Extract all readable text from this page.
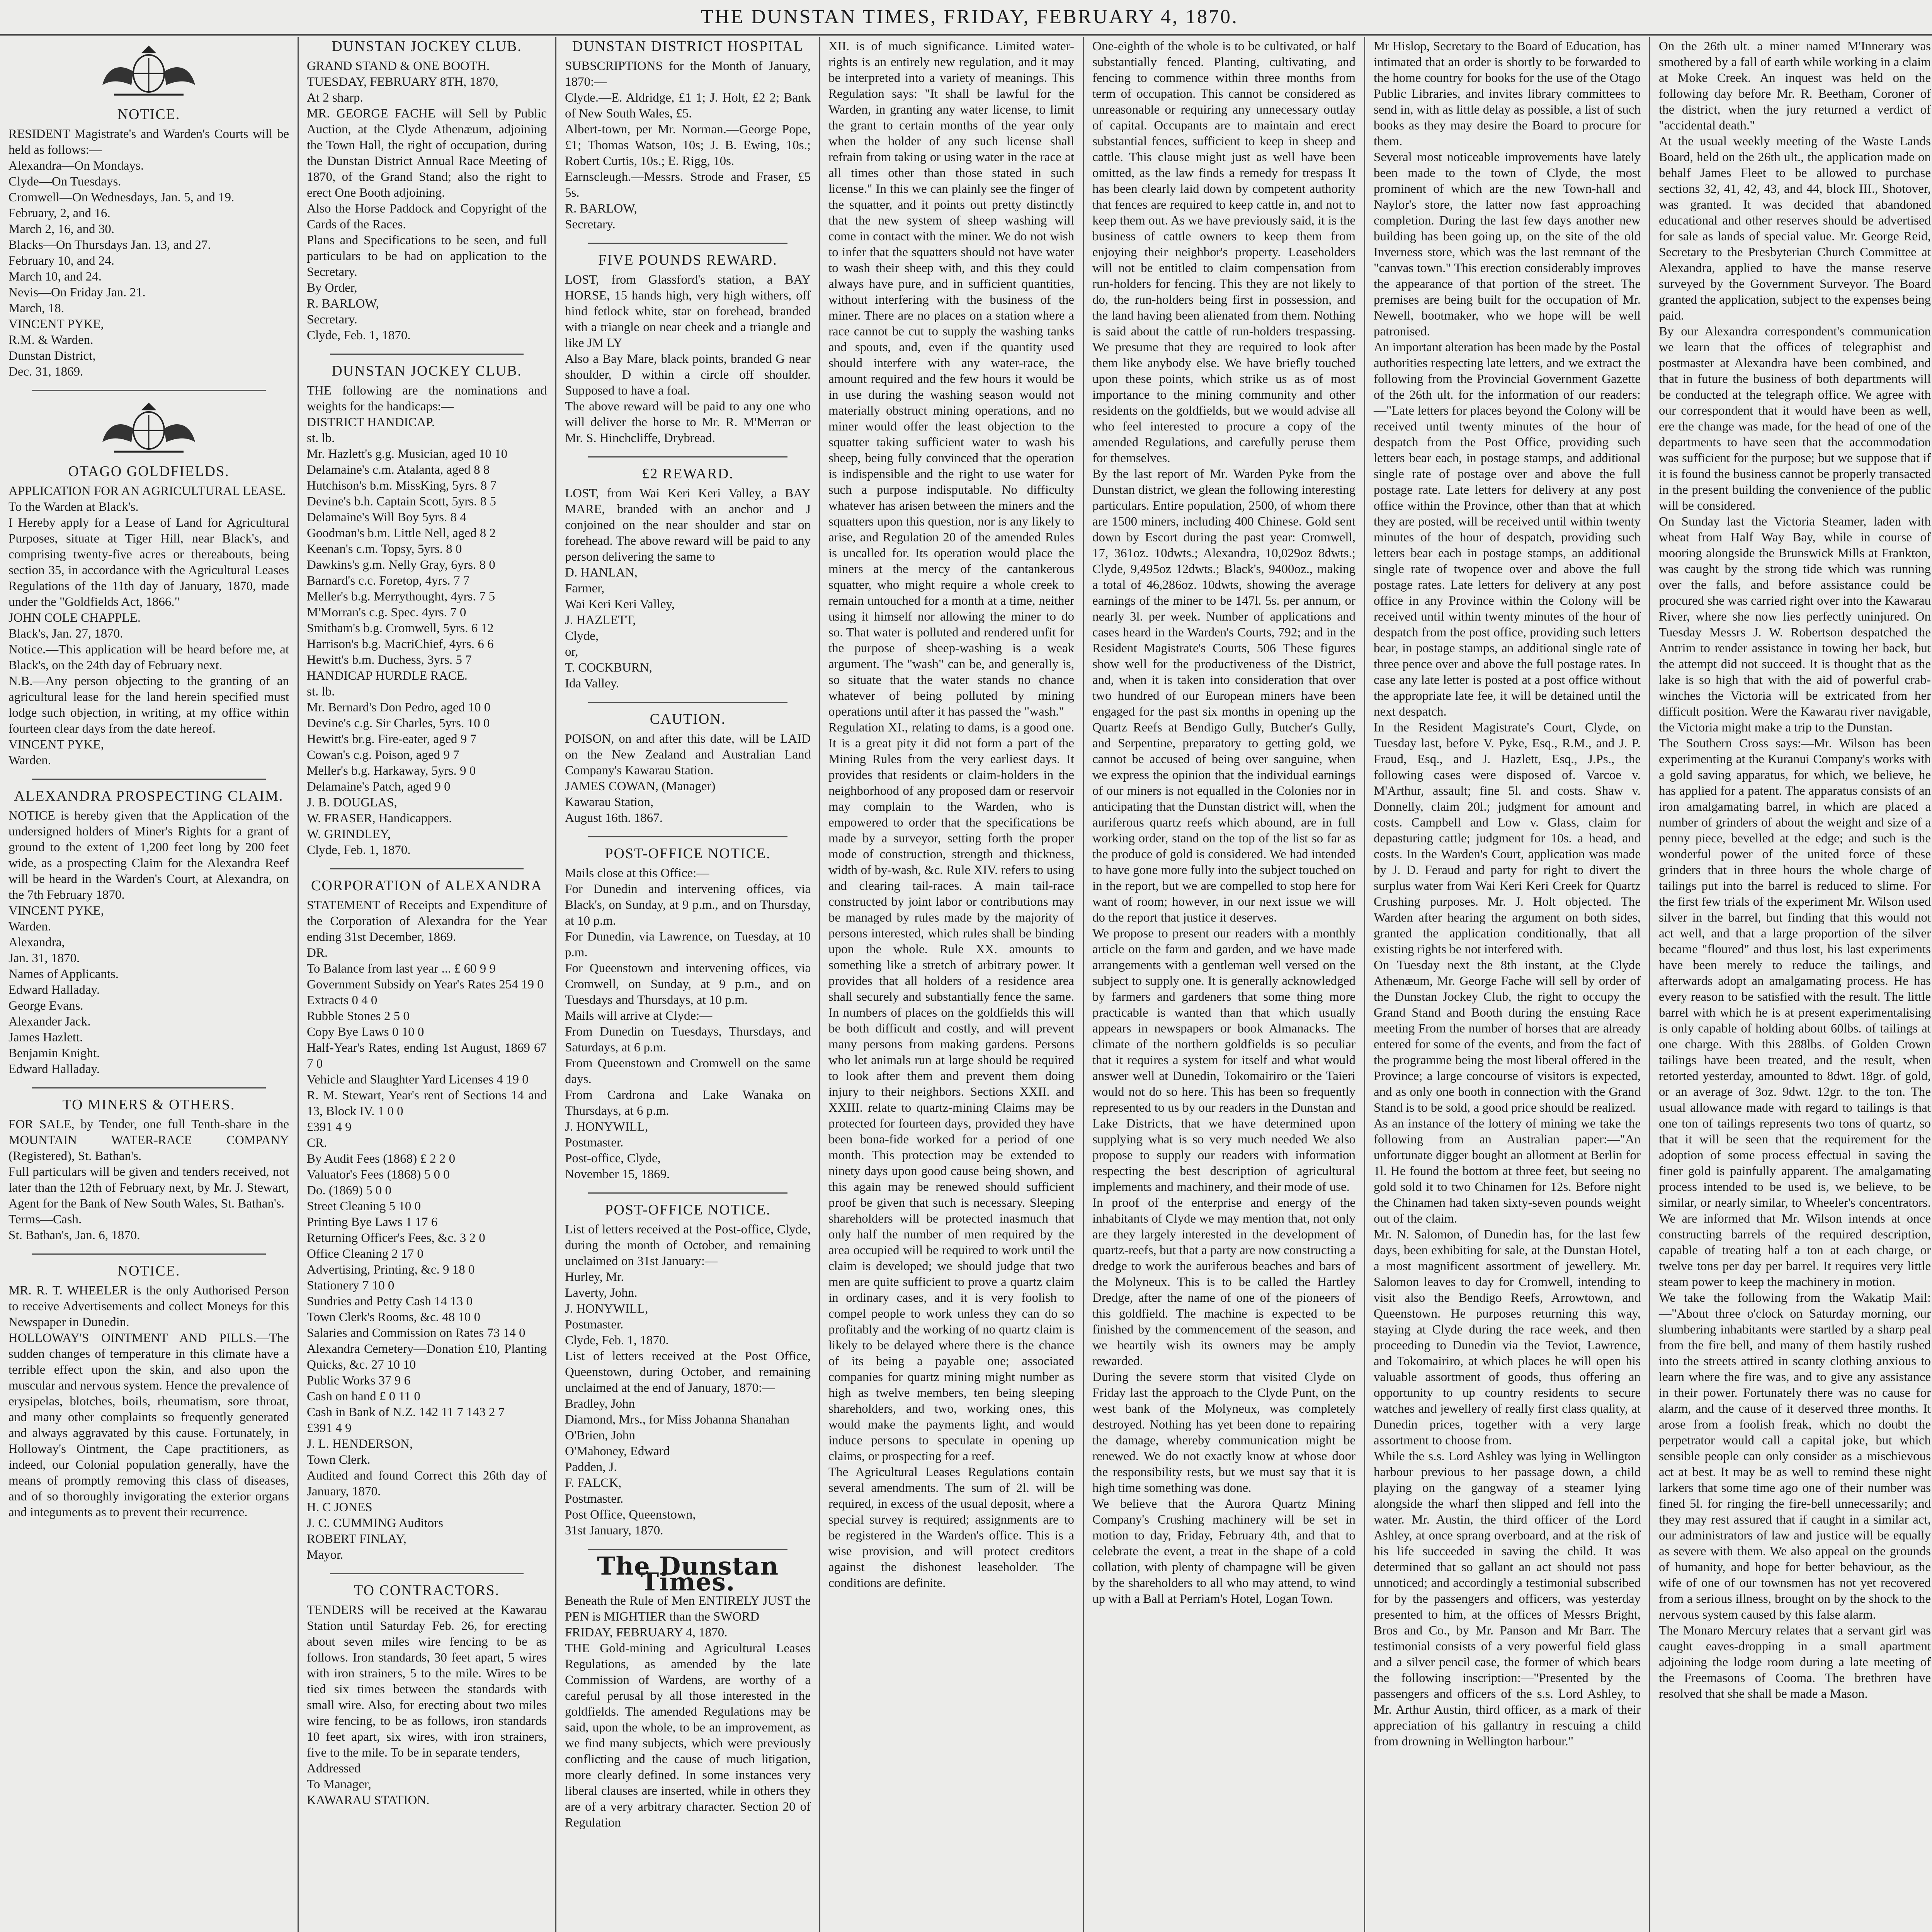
THE DUNSTAN TIMES, FRIDAY, FEBRUARY 4, 1870.
NOTICE.

RESIDENT Magistrate's and Warden's Courts will be held as follows:—
Alexandra—On Mondays.
Clyde—On Tuesdays.
Cromwell—On Wednesdays, Jan. 5, and 19.
February, 2, and 16.
March 2, 16, and 30.
Blacks—On Thursdays Jan. 13, and 27.
February 10, and 24.
March 10, and 24.
Nevis—On Friday Jan. 21.
March, 18.
VINCENT PYKE,
R.M. & Warden.
Dunstan District,
Dec. 31, 1869.

OTAGO GOLDFIELDS.

APPLICATION FOR AN AGRICULTURAL LEASE.
To the Warden at Black's.
I Hereby apply for a Lease of Land for Agricultural Purposes, situate at Tiger Hill, near Black's, and comprising twenty-five acres or thereabouts, being section 35, in accordance with the Agricultural Leases Regulations of the 11th day of January, 1870, made under the "Goldfields Act, 1866."
JOHN COLE CHAPPLE.
Black's, Jan. 27, 1870.
Notice.—This application will be heard before me, at Black's, on the 24th day of February next.
N.B.—Any person objecting to the granting of an agricultural lease for the land herein specified must lodge such objection, in writing, at my office within fourteen clear days from the date hereof.
VINCENT PYKE,
Warden.

ALEXANDRA PROSPECTING CLAIM.

NOTICE is hereby given that the Application of the undersigned holders of Miner's Rights for a grant of ground to the extent of 1,200 feet long by 200 feet wide, as a prospecting Claim for the Alexandra Reef will be heard in the Warden's Court, at Alexandra, on the 7th February 1870.
VINCENT PYKE,
Warden.
Alexandra,
Jan. 31, 1870.
Names of Applicants.
Edward Halladay.
George Evans.
Alexander Jack.
James Hazlett.
Benjamin Knight.
Edward Halladay.

TO MINERS & OTHERS.

FOR SALE, by Tender, one full Tenth-share in the MOUNTAIN WATER-RACE COMPANY (Registered), St. Bathan's.
Full particulars will be given and tenders received, not later than the 12th of February next, by Mr. J. Stewart, Agent for the Bank of New South Wales, St. Bathan's.
Terms—Cash.
St. Bathan's, Jan. 6, 1870.

NOTICE.

MR. R. T. WHEELER is the only Authorised Person to receive Advertisements and collect Moneys for this Newspaper in Dunedin.
HOLLOWAY'S OINTMENT AND PILLS.—The sudden changes of temperature in this climate have a terrible effect upon the skin, and also upon the muscular and nervous system. Hence the prevalence of erysipelas, blotches, boils, rheumatism, sore throat, and many other complaints so frequently generated and always aggravated by this cause. Fortunately, in Holloway's Ointment, the Cape practitioners, as indeed, our Colonial population generally, have the means of promptly removing this class of diseases, and of so thoroughly invigorating the exterior organs and integuments as to prevent their recurrence.

DUNSTAN JOCKEY CLUB.

GRAND STAND & ONE BOOTH.
TUESDAY, FEBRUARY 8TH, 1870,
At 2 sharp.
MR. GEORGE FACHE will Sell by Public Auction, at the Clyde Athenæum, adjoining the Town Hall, the right of occupation, during the Dunstan District Annual Race Meeting of 1870, of the Grand Stand; also the right to erect One Booth adjoining.
Also the Horse Paddock and Copyright of the Cards of the Races.
Plans and Specifications to be seen, and full particulars to be had on application to the Secretary.
By Order,
R. BARLOW,
Secretary.
Clyde, Feb. 1, 1870.

DUNSTAN JOCKEY CLUB.

THE following are the nominations and weights for the handicaps:—
DISTRICT HANDICAP.
st. lb.
Mr. Hazlett's g.g. Musician, aged 10 10
Delamaine's c.m. Atalanta, aged 8 8
Hutchison's b.m. MissKing, 5yrs. 8 7
Devine's b.h. Captain Scott, 5yrs. 8 5
Delamaine's Will Boy 5yrs. 8 4
Goodman's b.m. Little Nell, aged 8 2
Keenan's c.m. Topsy, 5yrs. 8 0
Dawkins's g.m. Nelly Gray, 6yrs. 8 0
Barnard's c.c. Foretop, 4yrs. 7 7
Meller's b.g. Merrythought, 4yrs. 7 5
M'Morran's c.g. Spec. 4yrs. 7 0
Smitham's b.g. Cromwell, 5yrs. 6 12
Harrison's b.g. MacriChief, 4yrs. 6 6
Hewitt's b.m. Duchess, 3yrs. 5 7
HANDICAP HURDLE RACE.
st. lb.
Mr. Bernard's Don Pedro, aged 10 0
Devine's c.g. Sir Charles, 5yrs. 10 0
Hewitt's br.g. Fire-eater, aged 9 7
Cowan's c.g. Poison, aged 9 7
Meller's b.g. Harkaway, 5yrs. 9 0
Delamaine's Patch, aged 9 0
J. B. DOUGLAS,
W. FRASER, Handicappers.
W. GRINDLEY,
Clyde, Feb. 1, 1870.

CORPORATION of ALEXANDRA

STATEMENT of Receipts and Expenditure of the Corporation of Alexandra for the Year ending 31st December, 1869.
DR.
To Balance from last year ... £ 60 9 9
Government Subsidy on Year's Rates 254 19 0
Extracts 0 4 0
Rubble Stones 2 5 0
Copy Bye Laws 0 10 0
Half-Year's Rates, ending 1st August, 1869 67 7 0
Vehicle and Slaughter Yard Licenses 4 19 0
R. M. Stewart, Year's rent of Sections 14 and 13, Block IV. 1 0 0
£391 4 9
CR.
By Audit Fees (1868) £ 2 2 0
Valuator's Fees (1868) 5 0 0
Do. (1869) 5 0 0
Street Cleaning 5 10 0
Printing Bye Laws 1 17 6
Returning Officer's Fees, &c. 3 2 0
Office Cleaning 2 17 0
Advertising, Printing, &c. 9 18 0
Stationery 7 10 0
Sundries and Petty Cash 14 13 0
Town Clerk's Rooms, &c. 48 10 0
Salaries and Commission on Rates 73 14 0
Alexandra Cemetery—Donation £10, Planting Quicks, &c. 27 10 10
Public Works 37 9 6
Cash on hand £ 0 11 0
Cash in Bank of N.Z. 142 11 7 143 2 7
£391 4 9
J. L. HENDERSON,
Town Clerk.
Audited and found Correct this 26th day of January, 1870.
H. C JONES
J. C. CUMMING Auditors
ROBERT FINLAY,
Mayor.

TO CONTRACTORS.

TENDERS will be received at the Kawarau Station until Saturday Feb. 26, for erecting about seven miles wire fencing to be as follows. Iron standards, 30 feet apart, 5 wires with iron strainers, 5 to the mile. Wires to be tied six times between the standards with small wire. Also, for erecting about two miles wire fencing, to be as follows, iron standards 10 feet apart, six wires, with iron strainers, five to the mile. To be in separate tenders,
Addressed
To Manager,
KAWARAU STATION.

DUNSTAN DISTRICT HOSPITAL

SUBSCRIPTIONS for the Month of January, 1870:—
Clyde.—E. Aldridge, £1 1; J. Holt, £2 2; Bank of New South Wales, £5.
Albert-town, per Mr. Norman.—George Pope, £1; Thomas Watson, 10s; J. B. Ewing, 10s.; Robert Curtis, 10s.; E. Rigg, 10s.
Earnscleugh.—Messrs. Strode and Fraser, £5 5s.
R. BARLOW,
Secretary.

FIVE POUNDS REWARD.

LOST, from Glassford's station, a BAY HORSE, 15 hands high, very high withers, off hind fetlock white, star on forehead, branded with a triangle on near cheek and a triangle and like JM LY
Also a Bay Mare, black points, branded G near shoulder, D within a circle off shoulder. Supposed to have a foal.
The above reward will be paid to any one who will deliver the horse to Mr. R. M'Merran or Mr. S. Hinchcliffe, Drybread.

£2 REWARD.

LOST, from Wai Keri Keri Valley, a BAY MARE, branded with an anchor and J conjoined on the near shoulder and star on forehead. The above reward will be paid to any person delivering the same to
D. HANLAN,
Farmer,
Wai Keri Keri Valley,
J. HAZLETT,
Clyde,
or,
T. COCKBURN,
Ida Valley.

CAUTION.

POISON, on and after this date, will be LAID on the New Zealand and Australian Land Company's Kawarau Station.
JAMES COWAN, (Manager)
Kawarau Station,
August 16th. 1867.

POST-OFFICE NOTICE.

Mails close at this Office:—
For Dunedin and intervening offices, via Black's, on Sunday, at 9 p.m., and on Thursday, at 10 p.m.
For Dunedin, via Lawrence, on Tuesday, at 10 p.m.
For Queenstown and intervening offices, via Cromwell, on Sunday, at 9 p.m., and on Tuesdays and Thursdays, at 10 p.m.
Mails will arrive at Clyde:—
From Dunedin on Tuesdays, Thursdays, and Saturdays, at 6 p.m.
From Queenstown and Cromwell on the same days.
From Cardrona and Lake Wanaka on Thursdays, at 6 p.m.
J. HONYWILL,
Postmaster.
Post-office, Clyde,
November 15, 1869.

POST-OFFICE NOTICE.

List of letters received at the Post-office, Clyde, during the month of October, and remaining unclaimed on 31st January:—
Hurley, Mr.
Laverty, John.
J. HONYWILL,
Postmaster.
Clyde, Feb. 1, 1870.
List of letters received at the Post Office, Queenstown, during October, and remaining unclaimed at the end of January, 1870:—
Bradley, John
Diamond, Mrs., for Miss Johanna Shanahan
O'Brien, John
O'Mahoney, Edward
Padden, J.
F. FALCK,
Postmaster.
Post Office, Queenstown,
31st January, 1870.

The Dunstan Times.

Beneath the Rule of Men ENTIRELY JUST the PEN is MIGHTIER than the SWORD
FRIDAY, FEBRUARY 4, 1870.
THE Gold-mining and Agricultural Leases Regulations, as amended by the late Commission of Wardens, are worthy of a careful perusal by all those interested in the goldfields. The amended Regulations may be said, upon the whole, to be an improvement, as we find many subjects, which were previously conflicting and the cause of much litigation, more clearly defined. In some instances very liberal clauses are inserted, while in others they are of a very arbitrary character. Section 20 of Regulation

XII. is of much significance. Limited water-rights is an entirely new regulation, and it may be interpreted into a variety of meanings. This Regulation says: "It shall be lawful for the Warden, in granting any water license, to limit the grant to certain months of the year only when the holder of any such license shall refrain from taking or using water in the race at all times other than those stated in such license." In this we can plainly see the finger of the squatter, and it points out pretty distinctly that the new system of sheep washing will come in contact with the miner. We do not wish to infer that the squatters should not have water to wash their sheep with, and this they could always have pure, and in sufficient quantities, without interfering with the business of the miner. There are no places on a station where a race cannot be cut to supply the washing tanks and spouts, and, even if the quantity used should interfere with any water-race, the amount required and the few hours it would be in use during the washing season would not materially obstruct mining operations, and no miner would offer the least objection to the squatter taking sufficient water to wash his sheep, being fully convinced that the operation is indispensible and the right to use water for such a purpose indisputable. No difficulty whatever has arisen between the miners and the squatters upon this question, nor is any likely to arise, and Regulation 20 of the amended Rules is uncalled for. Its operation would place the miners at the mercy of the cantankerous squatter, who might require a whole creek to remain untouched for a month at a time, neither using it himself nor allowing the miner to do so. That water is polluted and rendered unfit for the purpose of sheep-washing is a weak argument. The "wash" can be, and generally is, so situate that the water stands no chance whatever of being polluted by mining operations until after it has passed the "wash."
Regulation XI., relating to dams, is a good one. It is a great pity it did not form a part of the Mining Rules from the very earliest days. It provides that residents or claim-holders in the neighborhood of any proposed dam or reservoir may complain to the Warden, who is empowered to order that the specifications be made by a surveyor, setting forth the proper mode of construction, strength and thickness, width of by-wash, &c. Rule XIV. refers to using and clearing tail-races. A main tail-race constructed by joint labor or contributions may be managed by rules made by the majority of persons interested, which rules shall be binding upon the whole. Rule XX. amounts to something like a stretch of arbitrary power. It provides that all holders of a residence area shall securely and substantially fence the same. In numbers of places on the goldfields this will be both difficult and costly, and will prevent many persons from making gardens. Persons who let animals run at large should be required to look after them and prevent them doing injury to their neighbors. Sections XXII. and XXIII. relate to quartz-mining Claims may be protected for fourteen days, provided they have been bona-fide worked for a period of one month. This protection may be extended to ninety days upon good cause being shown, and this again may be renewed should sufficient proof be given that such is necessary. Sleeping shareholders will be protected inasmuch that only half the number of men required by the area occupied will be required to work until the claim is developed; we should judge that two men are quite sufficient to prove a quartz claim in ordinary cases, and it is very foolish to compel people to work unless they can do so profitably and the working of no quartz claim is likely to be delayed where there is the chance of its being a payable one; associated companies for quartz mining might number as high as twelve members, ten being sleeping shareholders, and two, working ones, this would make the payments light, and would induce persons to speculate in opening up claims, or prospecting for a reef.
The Agricultural Leases Regulations contain several amendments. The sum of 2l. will be required, in excess of the usual deposit, where a special survey is required; assignments are to be registered in the Warden's office. This is a wise provision, and will protect creditors against the dishonest leaseholder. The conditions are definite.

One-eighth of the whole is to be cultivated, or half substantially fenced. Planting, cultivating, and fencing to commence within three months from term of occupation. This cannot be considered as unreasonable or requiring any unnecessary outlay of capital. Occupants are to maintain and erect substantial fences, sufficient to keep in sheep and cattle. This clause might just as well have been omitted, as the law finds a remedy for trespass It has been clearly laid down by competent authority that fences are required to keep cattle in, and not to keep them out. As we have previously said, it is the business of cattle owners to keep them from enjoying their neighbor's property. Leaseholders will not be entitled to claim compensation from run-holders for fencing. This they are not likely to do, the run-holders being first in possession, and the land having been alienated from them. Nothing is said about the cattle of run-holders trespassing. We presume that they are required to look after them like anybody else. We have briefly touched upon these points, which strike us as of most importance to the mining community and other residents on the goldfields, but we would advise all who feel interested to procure a copy of the amended Regulations, and carefully peruse them for themselves.
By the last report of Mr. Warden Pyke from the Dunstan district, we glean the following interesting particulars. Entire population, 2500, of whom there are 1500 miners, including 400 Chinese. Gold sent down by Escort during the past year: Cromwell, 17, 361oz. 10dwts.; Alexandra, 10,029oz 8dwts.; Clyde, 9,495oz 12dwts.; Black's, 9400oz., making a total of 46,286oz. 10dwts, showing the average earnings of the miner to be 147l. 5s. per annum, or nearly 3l. per week. Number of applications and cases heard in the Warden's Courts, 792; and in the Resident Magistrate's Courts, 506 These figures show well for the productiveness of the District, and, when it is taken into consideration that over two hundred of our European miners have been engaged for the past six months in opening up the Quartz Reefs at Bendigo Gully, Butcher's Gully, and Serpentine, preparatory to getting gold, we cannot be accused of being over sanguine, when we express the opinion that the individual earnings of our miners is not equalled in the Colonies nor in anticipating that the Dunstan district will, when the auriferous quartz reefs which abound, are in full working order, stand on the top of the list so far as the produce of gold is considered. We had intended to have gone more fully into the subject touched on in the report, but we are compelled to stop here for want of room; however, in our next issue we will do the report that justice it deserves.
We propose to present our readers with a monthly article on the farm and garden, and we have made arrangements with a gentleman well versed on the subject to supply one. It is generally acknowledged by farmers and gardeners that some thing more practicable is wanted than that which usually appears in newspapers or book Almanacks. The climate of the northern goldfields is so peculiar that it requires a system for itself and what would answer well at Dunedin, Tokomairiro or the Taieri would not do so here. This has been so frequently represented to us by our readers in the Dunstan and Lake Districts, that we have determined upon supplying what is so very much needed We also propose to supply our readers with information respecting the best description of agricultural implements and machinery, and their mode of use.
In proof of the enterprise and energy of the inhabitants of Clyde we may mention that, not only are they largely interested in the development of quartz-reefs, but that a party are now constructing a dredge to work the auriferous beaches and bars of the Molyneux. This is to be called the Hartley Dredge, after the name of one of the pioneers of this goldfield. The machine is expected to be finished by the commencement of the season, and we heartily wish its owners may be amply rewarded.
During the severe storm that visited Clyde on Friday last the approach to the Clyde Punt, on the west bank of the Molyneux, was completely destroyed. Nothing has yet been done to repairing the damage, whereby communication might be renewed. We do not exactly know at whose door the responsibility rests, but we must say that it is high time something was done.
We believe that the Aurora Quartz Mining Company's Crushing machinery will be set in motion to day, Friday, February 4th, and that to celebrate the event, a treat in the shape of a cold collation, with plenty of champagne will be given by the shareholders to all who may attend, to wind up with a Ball at Perriam's Hotel, Logan Town.

Mr Hislop, Secretary to the Board of Education, has intimated that an order is shortly to be forwarded to the home country for books for the use of the Otago Public Libraries, and invites library committees to send in, with as little delay as possible, a list of such books as they may desire the Board to procure for them.
Several most noticeable improvements have lately been made to the town of Clyde, the most prominent of which are the new Town-hall and Naylor's store, the latter now fast approaching completion. During the last few days another new building has been going up, on the site of the old Inverness store, which was the last remnant of the "canvas town." This erection considerably improves the appearance of that portion of the street. The premises are being built for the occupation of Mr. Newell, bootmaker, who we hope will be well patronised.
An important alteration has been made by the Postal authorities respecting late letters, and we extract the following from the Provincial Government Gazette of the 26th ult. for the information of our readers:—"Late letters for places beyond the Colony will be received until twenty minutes of the hour of despatch from the Post Office, providing such letters bear each, in postage stamps, and additional single rate of postage over and above the full postage rate. Late letters for delivery at any post office within the Province, other than that at which they are posted, will be received until within twenty minutes of the hour of despatch, providing such letters bear each in postage stamps, an additional single rate of twopence over and above the full postage rates. Late letters for delivery at any post office in any Province within the Colony will be received until within twenty minutes of the hour of despatch from the post office, providing such letters bear, in postage stamps, an additional single rate of three pence over and above the full postage rates. In case any late letter is posted at a post office without the appropriate late fee, it will be detained until the next despatch.
In the Resident Magistrate's Court, Clyde, on Tuesday last, before V. Pyke, Esq., R.M., and J. P. Fraud, Esq., and J. Hazlett, Esq., J.Ps., the following cases were disposed of. Varcoe v. M'Arthur, assault; fine 5l. and costs. Shaw v. Donnelly, claim 20l.; judgment for amount and costs. Campbell and Low v. Glass, claim for depasturing cattle; judgment for 10s. a head, and costs. In the Warden's Court, application was made by J. D. Feraud and party for right to divert the surplus water from Wai Keri Keri Creek for Quartz Crushing purposes. Mr. J. Holt objected. The Warden after hearing the argument on both sides, granted the application conditionally, that all existing rights be not interfered with.
On Tuesday next the 8th instant, at the Clyde Athenæum, Mr. George Fache will sell by order of the Dunstan Jockey Club, the right to occupy the Grand Stand and Booth during the ensuing Race meeting From the number of horses that are already entered for some of the events, and from the fact of the programme being the most liberal offered in the Province; a large concourse of visitors is expected, and as only one booth in connection with the Grand Stand is to be sold, a good price should be realized.
As an instance of the lottery of mining we take the following from an Australian paper:—"An unfortunate digger bought an allotment at Berlin for 1l. He found the bottom at three feet, but seeing no gold sold it to two Chinamen for 12s. Before night the Chinamen had taken sixty-seven pounds weight out of the claim.
Mr. N. Salomon, of Dunedin has, for the last few days, been exhibiting for sale, at the Dunstan Hotel, a most magnificent assortment of jewellery. Mr. Salomon leaves to day for Cromwell, intending to visit also the Bendigo Reefs, Arrowtown, and Queenstown. He purposes returning this way, staying at Clyde during the race week, and then proceeding to Dunedin via the Teviot, Lawrence, and Tokomairiro, at which places he will open his valuable assortment of goods, thus offering an opportunity to up country residents to secure watches and jewellery of really first class quality, at Dunedin prices, together with a very large assortment to choose from.
While the s.s. Lord Ashley was lying in Wellington harbour previous to her passage down, a child playing on the gangway of a steamer lying alongside the wharf then slipped and fell into the water. Mr. Austin, the third officer of the Lord Ashley, at once sprang overboard, and at the risk of his life succeeded in saving the child. It was determined that so gallant an act should not pass unnoticed; and accordingly a testimonial subscribed for by the passengers and officers, was yesterday presented to him, at the offices of Messrs Bright, Bros and Co., by Mr. Panson and Mr Barr. The testimonial consists of a very powerful field glass and a silver pencil case, the former of which bears the following inscription:—"Presented by the passengers and officers of the s.s. Lord Ashley, to Mr. Arthur Austin, third officer, as a mark of their appreciation of his gallantry in rescuing a child from drowning in Wellington harbour."

On the 26th ult. a miner named M'Innerary was smothered by a fall of earth while working in a claim at Moke Creek. An inquest was held on the following day before Mr. R. Beetham, Coroner of the district, when the jury returned a verdict of "accidental death."
At the usual weekly meeting of the Waste Lands Board, held on the 26th ult., the application made on behalf James Fleet to be allowed to purchase sections 32, 41, 42, 43, and 44, block III., Shotover, was granted. It was decided that abandoned educational and other reserves should be advertised for sale as lands of special value. Mr. George Reid, Secretary to the Presbyterian Church Committee at Alexandra, applied to have the manse reserve surveyed by the Government Surveyor. The Board granted the application, subject to the expenses being paid.
By our Alexandra correspondent's communication we learn that the offices of telegraphist and postmaster at Alexandra have been combined, and that in future the business of both departments will be conducted at the telegraph office. We agree with our correspondent that it would have been as well, ere the change was made, for the head of one of the departments to have seen that the accommodation was sufficient for the purpose; but we suppose that if it is found the business cannot be properly transacted in the present building the convenience of the public will be considered.
On Sunday last the Victoria Steamer, laden with wheat from Half Way Bay, while in course of mooring alongside the Brunswick Mills at Frankton, was caught by the strong tide which was running over the falls, and before assistance could be procured she was carried right over into the Kawarau River, where she now lies perfectly uninjured. On Tuesday Messrs J. W. Robertson despatched the Antrim to render assistance in towing her back, but the attempt did not succeed. It is thought that as the lake is so high that with the aid of powerful crab-winches the Victoria will be extricated from her difficult position. Were the Kawarau river navigable, the Victoria might make a trip to the Dunstan.
The Southern Cross says:—Mr. Wilson has been experimenting at the Kuranui Company's works with a gold saving apparatus, for which, we believe, he has applied for a patent. The apparatus consists of an iron amalgamating barrel, in which are placed a number of grinders of about the weight and size of a penny piece, bevelled at the edge; and such is the wonderful power of the united force of these grinders that in three hours the whole charge of tailings put into the barrel is reduced to slime. For the first few trials of the experiment Mr. Wilson used silver in the barrel, but finding that this would not act well, and that a large proportion of the silver became "floured" and thus lost, his last experiments have been merely to reduce the tailings, and afterwards adopt an amalgamating process. He has every reason to be satisfied with the result. The little barrel with which he is at present experimentalising is only capable of holding about 60lbs. of tailings at one charge. With this 288lbs. of Golden Crown tailings have been treated, and the result, when retorted yesterday, amounted to 8dwt. 18gr. of gold, or an average of 3oz. 9dwt. 12gr. to the ton. The usual allowance made with regard to tailings is that one ton of tailings represents two tons of quartz, so that it will be seen that the requirement for the adoption of some process effectual in saving the finer gold is painfully apparent. The amalgamating process intended to be used is, we believe, to be similar, or nearly similar, to Wheeler's concentrators. We are informed that Mr. Wilson intends at once constructing barrels of the required description, capable of treating half a ton at each charge, or twelve tons per day per barrel. It requires very little steam power to keep the machinery in motion.
We take the following from the Wakatip Mail:—"About three o'clock on Saturday morning, our slumbering inhabitants were startled by a sharp peal from the fire bell, and many of them hastily rushed into the streets attired in scanty clothing anxious to learn where the fire was, and to give any assistance in their power. Fortunately there was no cause for alarm, and the cause of it deserved three months. It arose from a foolish freak, which no doubt the perpetrator would call a capital joke, but which sensible people can only consider as a mischievous act at best. It may be as well to remind these night larkers that some time ago one of their number was fined 5l. for ringing the fire-bell unnecessarily; and they may rest assured that if caught in a similar act, our administrators of law and justice will be equally as severe with them. We also appeal on the grounds of humanity, and hope for better behaviour, as the wife of one of our townsmen has not yet recovered from a serious illness, brought on by the shock to the nervous system caused by this false alarm.
The Monaro Mercury relates that a servant girl was caught eaves-dropping in a small apartment adjoining the lodge room during a late meeting of the Freemasons of Cooma. The brethren have resolved that she shall be made a Mason.
